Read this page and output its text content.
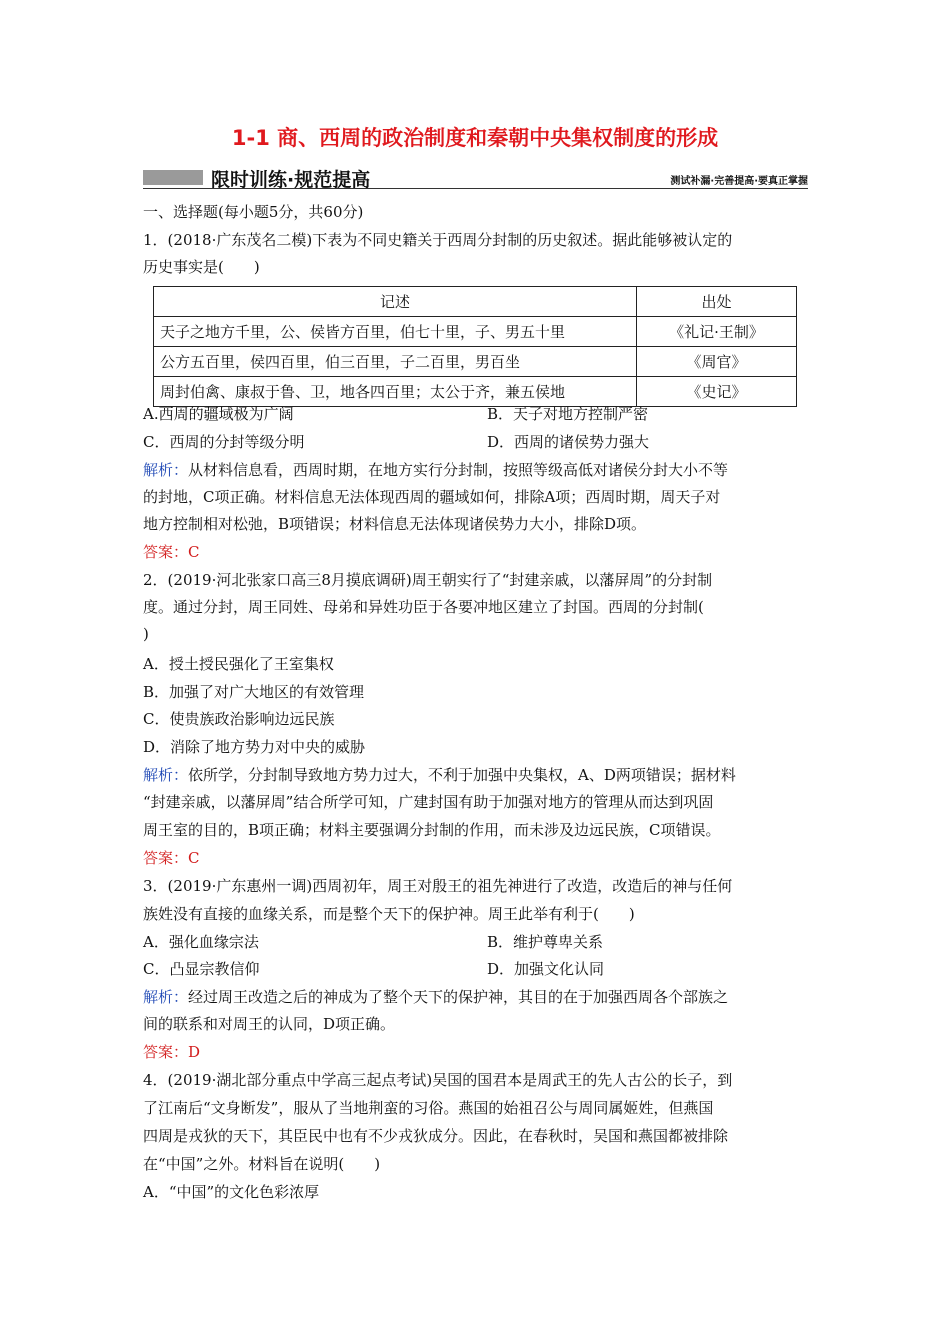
1-1 商、西周的政治制度和秦朝中央集权制度的形成
限时训练·规范提高	测试补漏·完善提高·要真正掌握
一、选择题(每小题5分，共60分)
1．(2018·广东茂名二模)下表为不同史籍关于西周分封制的历史叙述。据此能够被认定的
历史事实是(　　)
记述	出处
天子之地方千里，公、侯皆方百里，伯七十里，子、男五十里	《礼记·王制》
公方五百里，侯四百里，伯三百里，子二百里，男百坐	《周官》
周封伯禽、康叔于鲁、卫，地各四百里；太公于齐，兼五侯地	《史记》
A.西周的疆域极为广阔	B．天子对地方控制严密
C．西周的分封等级分明	D．西周的诸侯势力强大
解析：从材料信息看，西周时期，在地方实行分封制，按照等级高低对诸侯分封大小不等
的封地，C项正确。材料信息无法体现西周的疆域如何，排除A项；西周时期，周天子对
地方控制相对松弛，B项错误；材料信息无法体现诸侯势力大小，排除D项。
答案：C
2．(2019·河北张家口高三8月摸底调研)周王朝实行了“封建亲戚，以藩屏周”的分封制
度。通过分封，周王同姓、母弟和异姓功臣于各要冲地区建立了封国。西周的分封制(
)
A．授土授民强化了王室集权
B．加强了对广大地区的有效管理
C．使贵族政治影响边远民族
D．消除了地方势力对中央的威胁
解析：依所学，分封制导致地方势力过大，不利于加强中央集权，A、D两项错误；据材料
“封建亲戚，以藩屏周”结合所学可知，广建封国有助于加强对地方的管理从而达到巩固
周王室的目的，B项正确；材料主要强调分封制的作用，而未涉及边远民族，C项错误。
答案：C
3．(2019·广东惠州一调)西周初年，周王对殷王的祖先神进行了改造，改造后的神与任何
族姓没有直接的血缘关系，而是整个天下的保护神。周王此举有利于(　　)
A．强化血缘宗法	B．维护尊卑关系
C．凸显宗教信仰	D．加强文化认同
解析：经过周王改造之后的神成为了整个天下的保护神，其目的在于加强西周各个部族之
间的联系和对周王的认同，D项正确。
答案：D
4．(2019·湖北部分重点中学高三起点考试)吴国的国君本是周武王的先人古公的长子，到
了江南后“文身断发”，服从了当地荆蛮的习俗。燕国的始祖召公与周同属姬姓，但燕国
四周是戎狄的天下，其臣民中也有不少戎狄成分。因此，在春秋时，吴国和燕国都被排除
在“中国”之外。材料旨在说明(　　)
A．“中国”的文化色彩浓厚
